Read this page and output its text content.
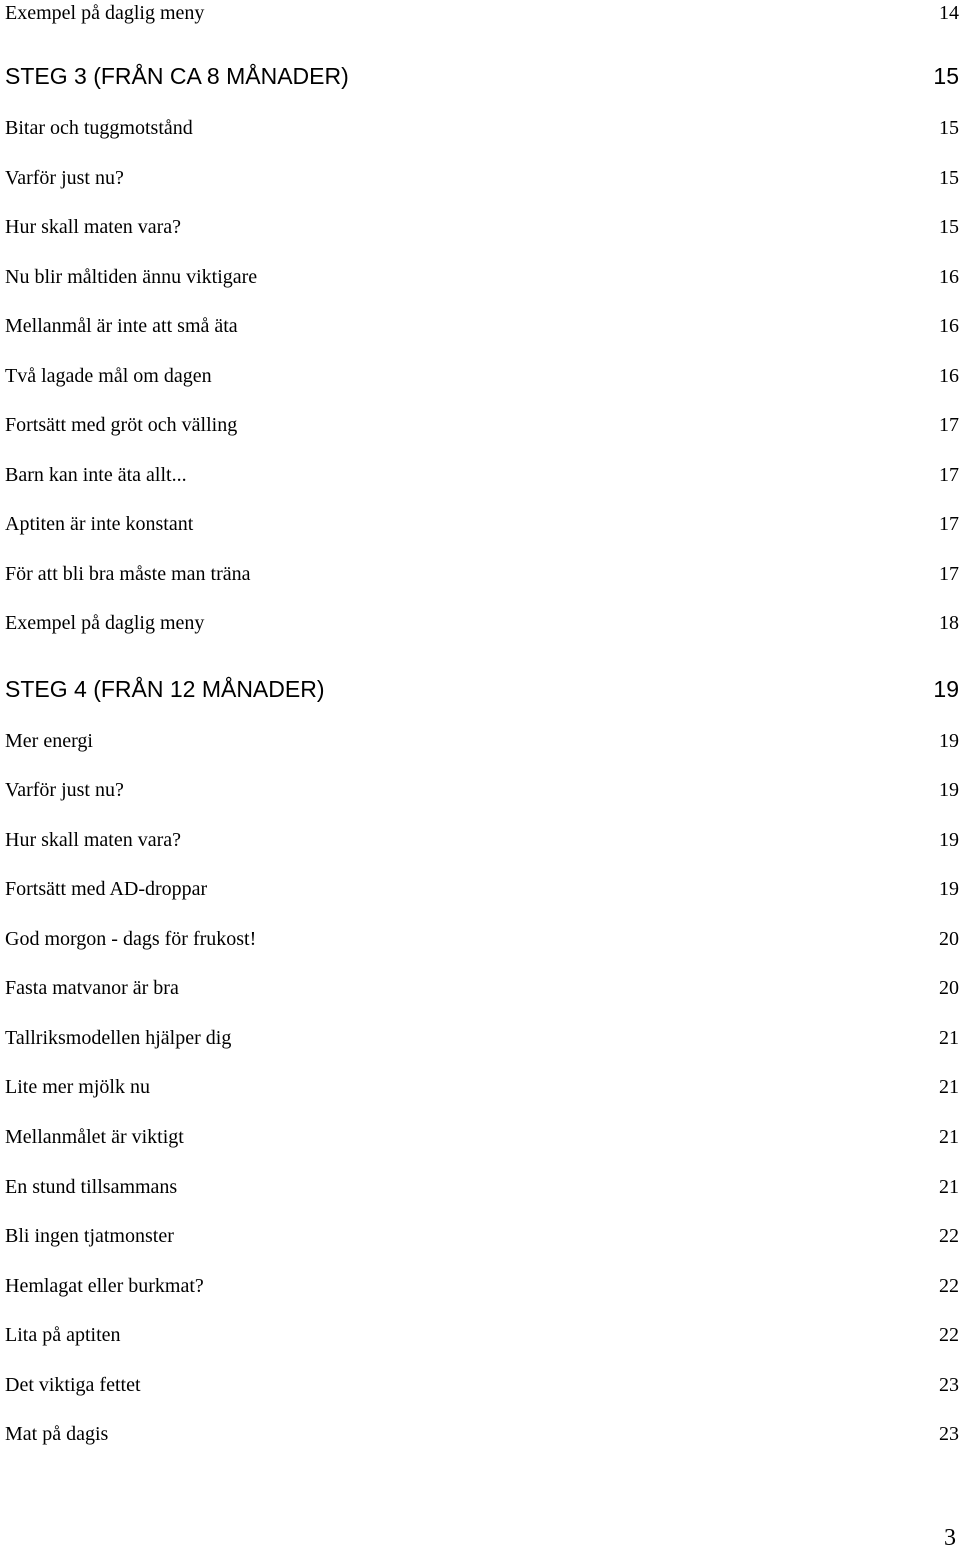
Exempel på daglig meny	14
STEG 3 (FRÅN CA 8 MÅNADER)	15
Bitar och tuggmotstånd	15
Varför just nu?	15
Hur skall maten vara?	15
Nu blir måltiden ännu viktigare	16
Mellanmål är inte att små äta	16
Två lagade mål om dagen	16
Fortsätt med gröt och välling	17
Barn kan inte äta allt...	17
Aptiten är inte konstant	17
För att bli bra måste man träna	17
Exempel på daglig meny	18
STEG 4 (FRÅN 12 MÅNADER)	19
Mer energi	19
Varför just nu?	19
Hur skall maten vara?	19
Fortsätt med AD-droppar	19
God morgon - dags för frukost!	20
Fasta matvanor är bra	20
Tallriksmodellen hjälper dig	21
Lite mer mjölk nu	21
Mellanmålet är viktigt	21
En stund tillsammans	21
Bli ingen tjatmonster	22
Hemlagat eller burkmat?	22
Lita på aptiten	22
Det viktiga fettet	23
Mat på dagis	23
3
